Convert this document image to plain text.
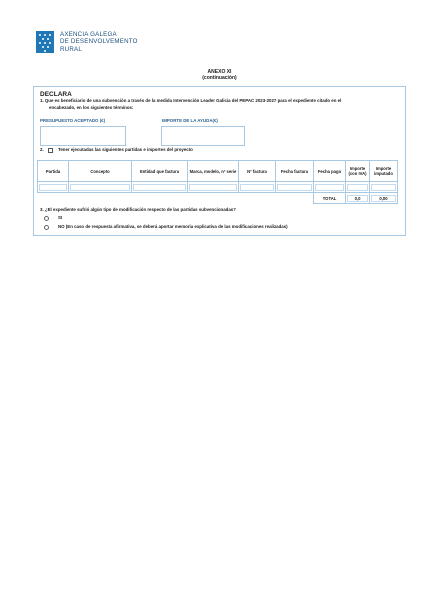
AXENCIA GALEGA
DE DESENVOLVEMENTO
RURAL
ANEXO XI
(continuación)
DECLARA
1. Que es beneficiario de una subvención a través de la medida Intervención Leader Galicia del PEPAC 2023-2027 para el expediente citado en el
encabezado, en los siguientes términos:
PRESUPUESTO ACEPTADO (€)	IMPORTE DE LA AYUDA(€)
2.	Tener ejecutadas las siguientes partidas e importes del proyecto
Partida	Concepto	Entidad que factura	Marca, modelo, nº serie	Nº factura	Fecha factura	Fecha pago	Importe (con IVA)	Importe imputado

						TOTAL	0,0	0,00
3. ¿El expediente sufrió algún tipo de modificación respecto de las partidas subvencionadas?
SI
NO (En caso de respuesta afirmativa, se deberá aportar memoria explicativa de las modificaciones realizadas)
